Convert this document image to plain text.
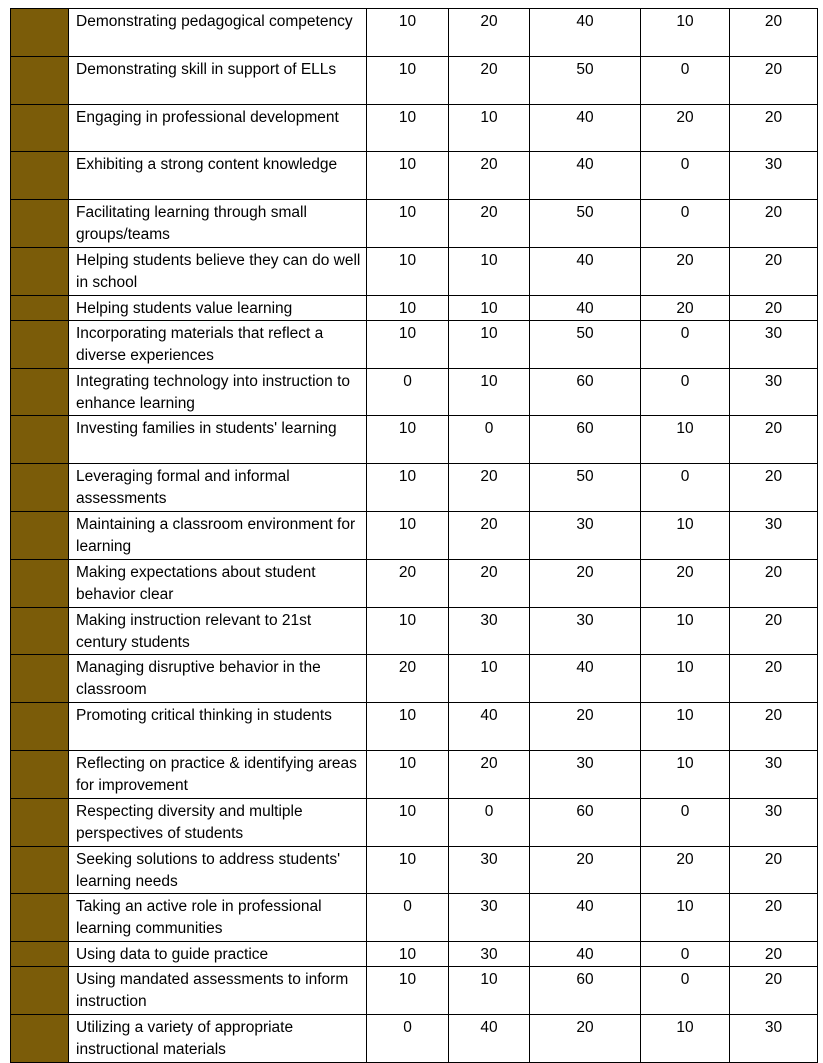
	Demonstrating pedagogical competency	10	20	40	10	20
	Demonstrating skill in support of ELLs	10	20	50	0	20
	Engaging in professional development	10	10	40	20	20
	Exhibiting a strong content knowledge	10	20	40	0	30
	Facilitating learning through small groups/teams	10	20	50	0	20
	Helping students believe they can do well in school	10	10	40	20	20
	Helping students value learning	10	10	40	20	20
	Incorporating materials that reflect a diverse experiences	10	10	50	0	30
	Integrating technology into instruction to enhance learning	0	10	60	0	30
	Investing families in students' learning	10	0	60	10	20
	Leveraging formal and informal assessments	10	20	50	0	20
	Maintaining a classroom environment for learning	10	20	30	10	30
	Making expectations about student behavior clear	20	20	20	20	20
	Making instruction relevant to 21st century students	10	30	30	10	20
	Managing disruptive behavior in the classroom	20	10	40	10	20
	Promoting critical thinking in students	10	40	20	10	20
	Reflecting on practice & identifying areas for improvement	10	20	30	10	30
	Respecting diversity and multiple perspectives of students	10	0	60	0	30
	Seeking solutions to address students' learning needs	10	30	20	20	20
	Taking an active role in professional learning communities	0	30	40	10	20
	Using data to guide practice	10	30	40	0	20
	Using mandated assessments to inform instruction	10	10	60	0	20
	Utilizing a variety of appropriate instructional materials	0	40	20	10	30
